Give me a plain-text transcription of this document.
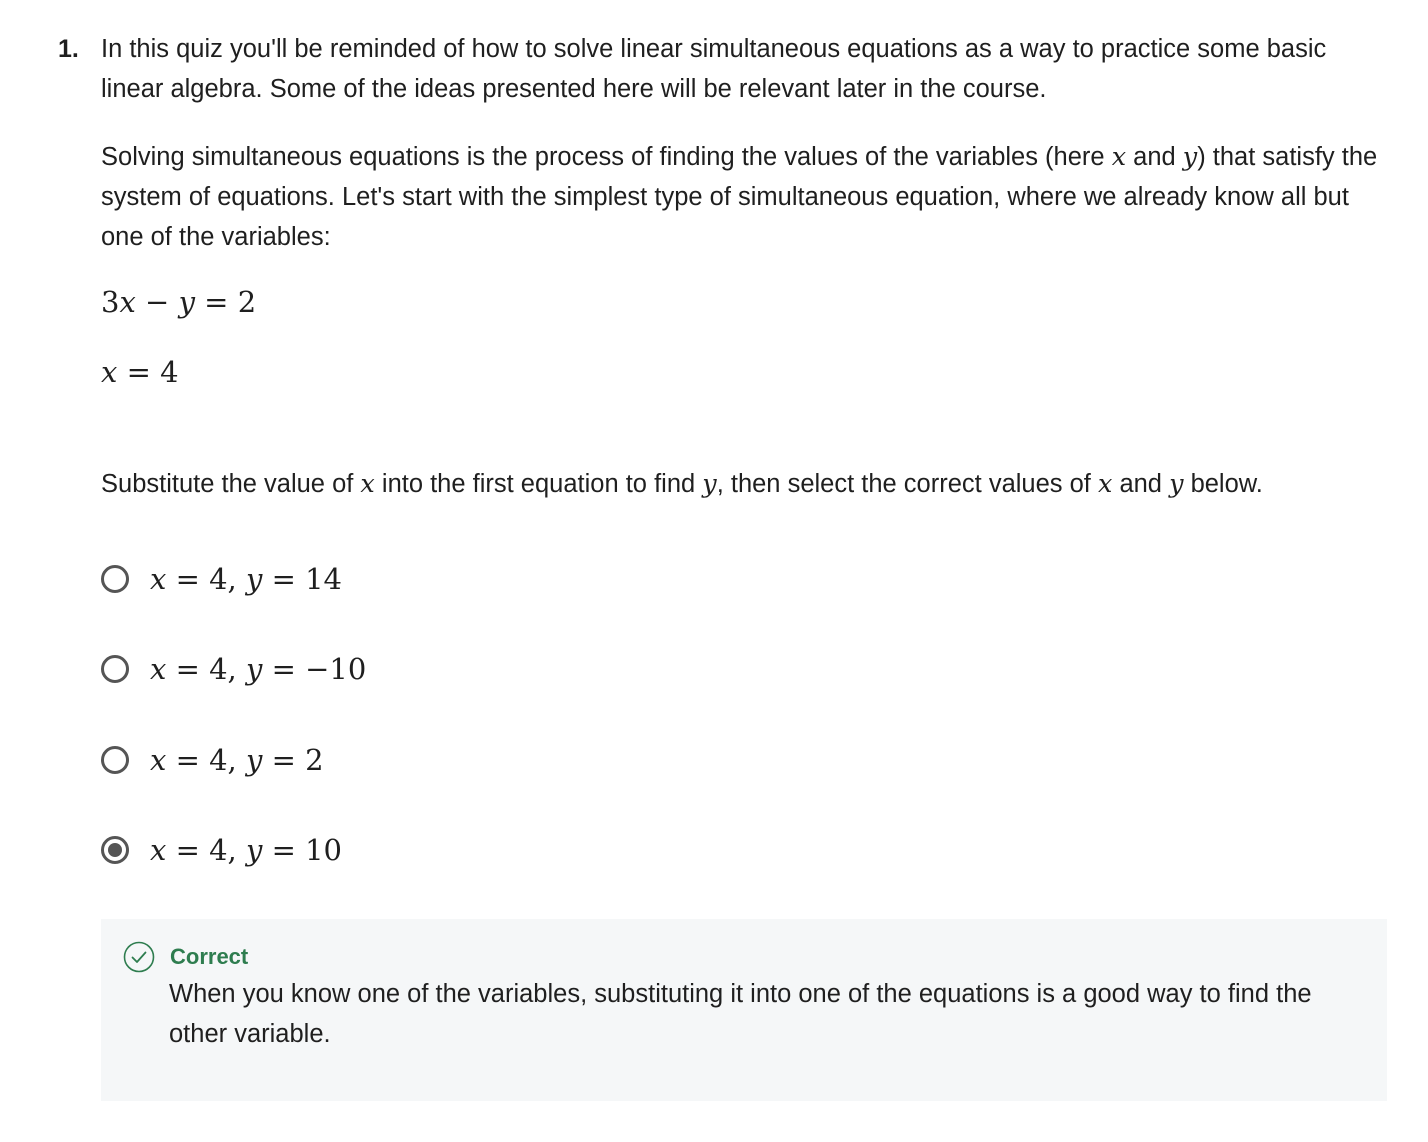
1. In this quiz you'll be reminded of how to solve linear simultaneous equations as a way to practice some basic linear algebra. Some of the ideas presented here will be relevant later in the course.

Solving simultaneous equations is the process of finding the values of the variables (here x and y) that satisfy the system of equations. Let's start with the simplest type of simultaneous equation, where we already know all but one of the variables:

3x − y = 2
x = 4

Substitute the value of x into the first equation to find y, then select the correct values of x and y below.

x = 4, y = 14
x = 4, y = −10
x = 4, y = 2
x = 4, y = 10
Correct

When you know one of the variables, substituting it into one of the equations is a good way to find the other variable.
